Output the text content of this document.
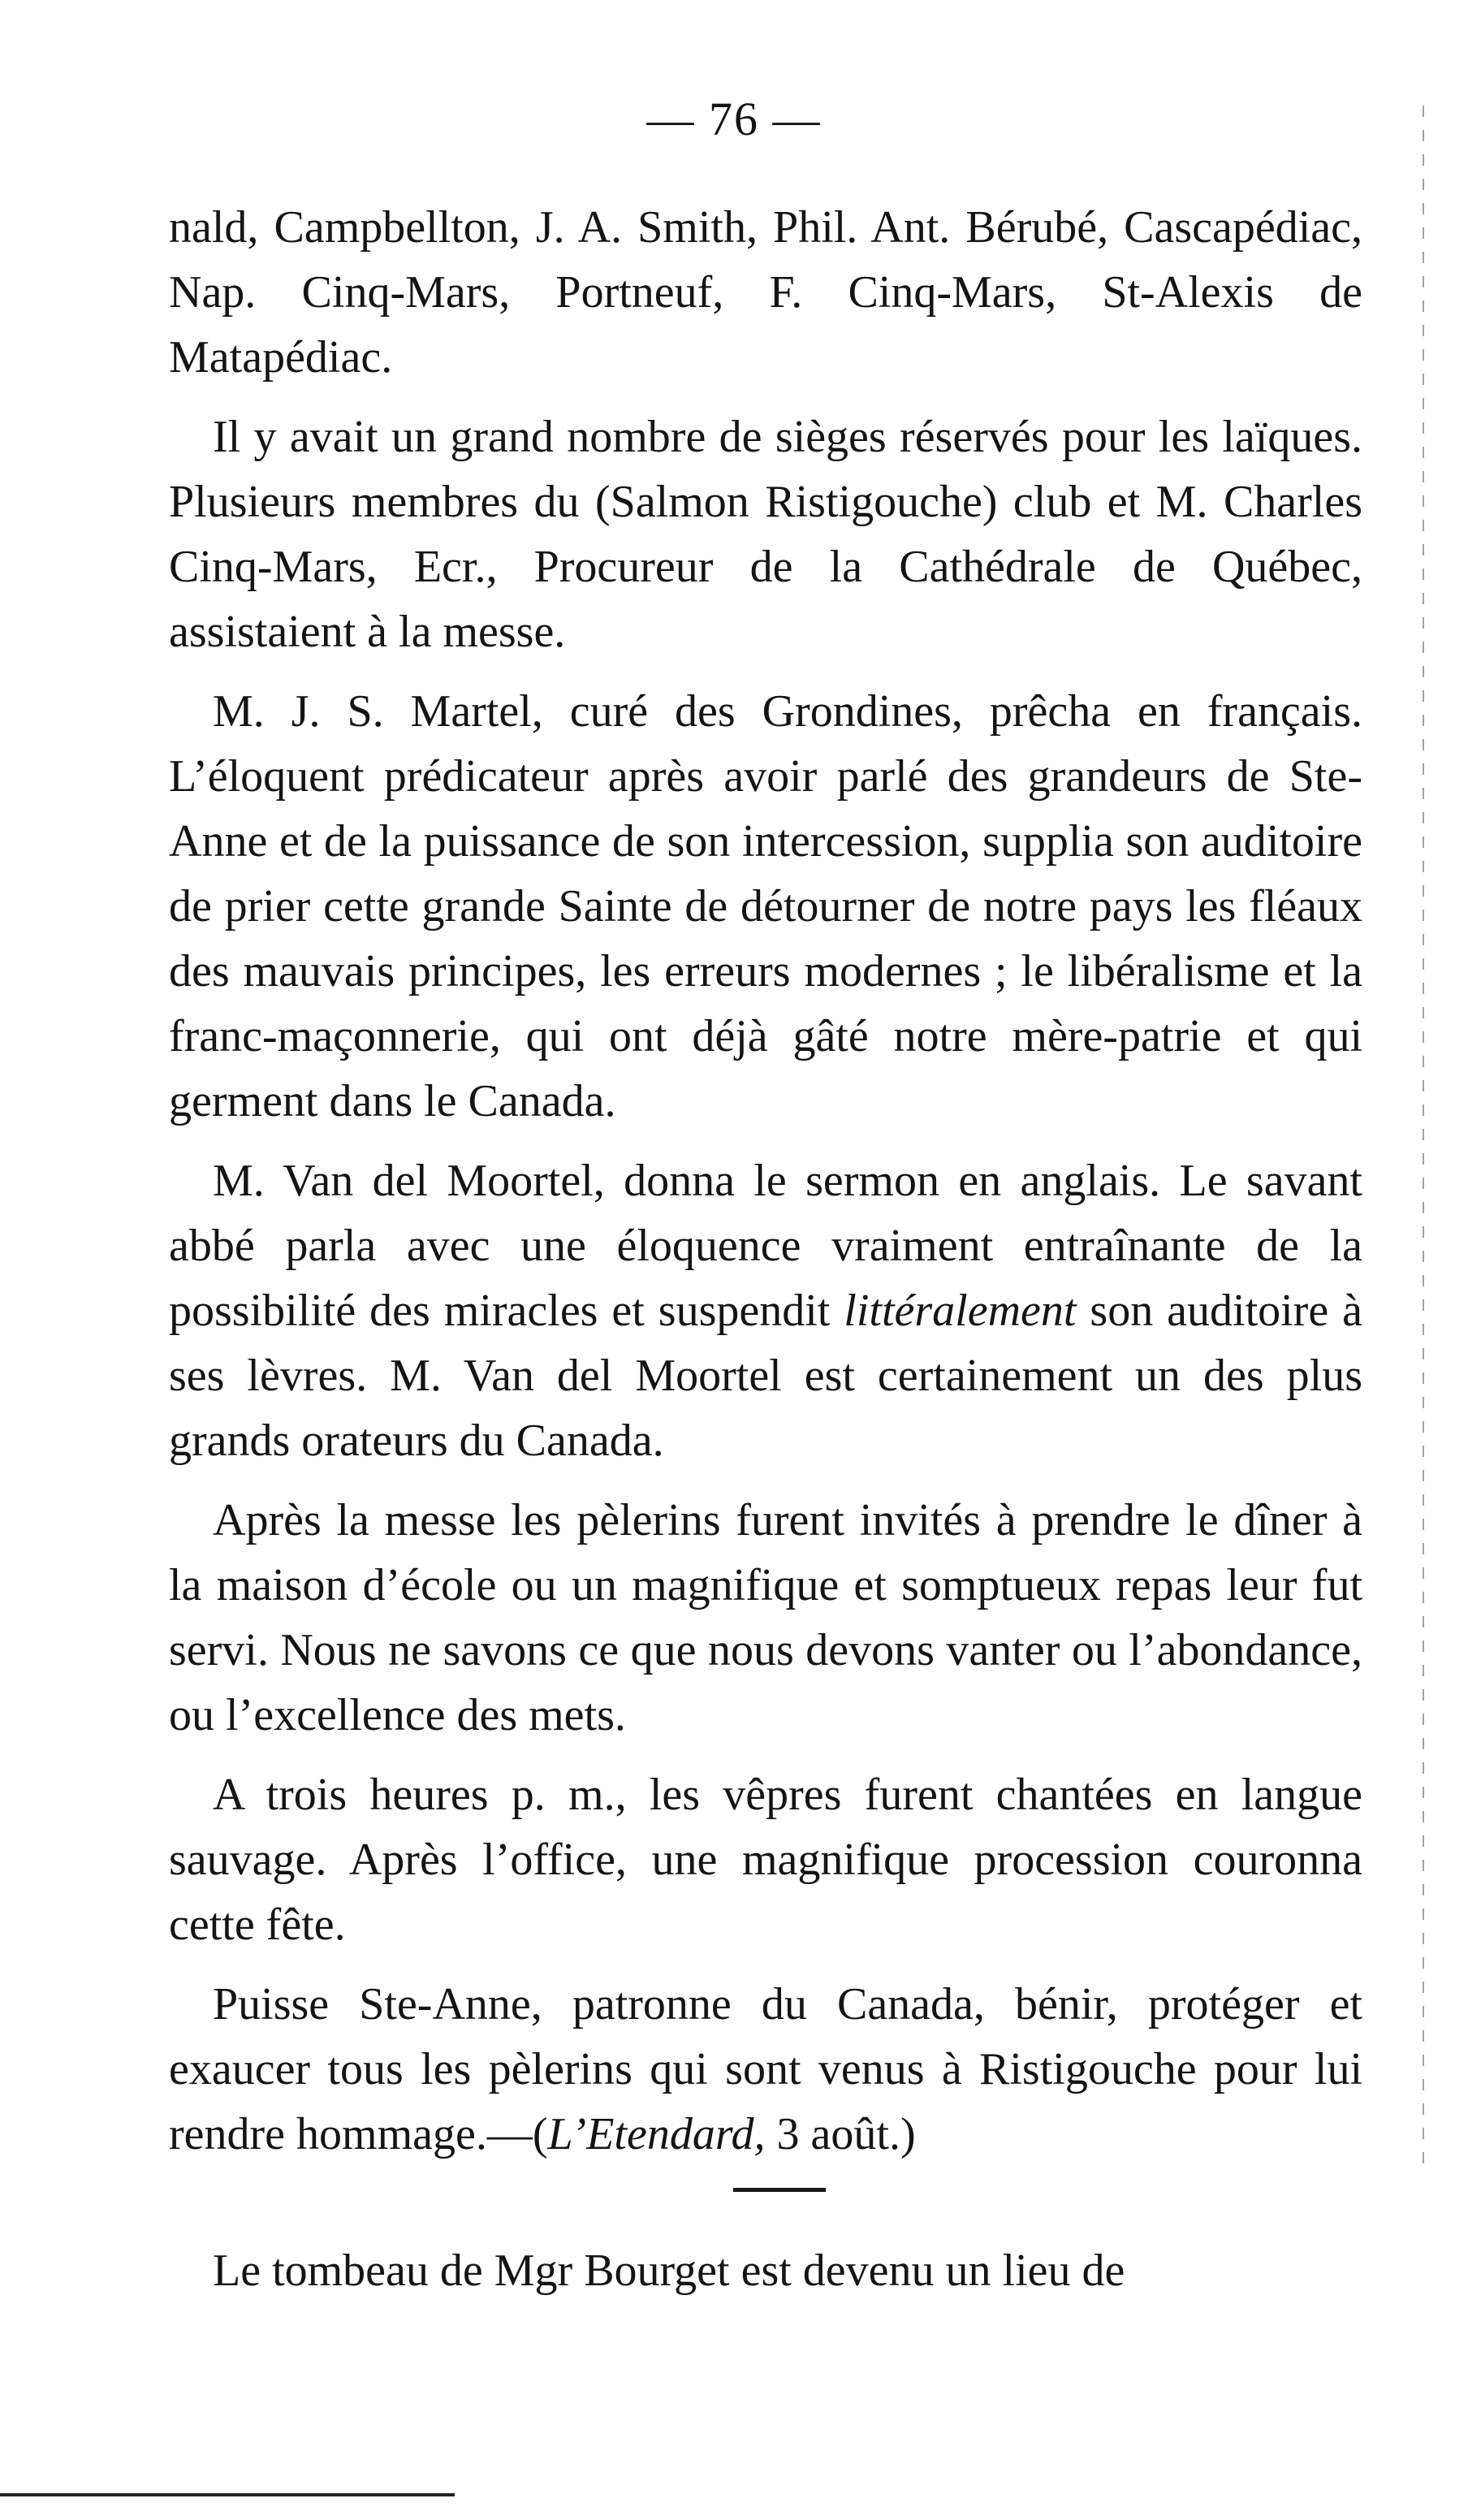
— 76 —

nald, Campbellton, J. A. Smith, Phil. Ant. Bérubé, Cascapédiac, Nap. Cinq-Mars, Portneuf, F. Cinq-Mars, St-Alexis de Matapédiac.

Il y avait un grand nombre de sièges réservés pour les laïques. Plusieurs membres du (Salmon Ristigouche) club et M. Charles Cinq-Mars, Ecr., Procureur de la Cathédrale de Québec, assistaient à la messe.

M. J. S. Martel, curé des Grondines, prêcha en français. L’éloquent prédicateur après avoir parlé des grandeurs de Ste-Anne et de la puissance de son intercession, supplia son auditoire de prier cette grande Sainte de détourner de notre pays les fléaux des mauvais principes, les erreurs modernes ; le libéralisme et la franc-maçonnerie, qui ont déjà gâté notre mère-patrie et qui germent dans le Canada.

M. Van del Moortel, donna le sermon en anglais. Le savant abbé parla avec une éloquence vraiment entraînante de la possibilité des miracles et suspendit littéralement son auditoire à ses lèvres. M. Van del Moortel est certainement un des plus grands orateurs du Canada.

Après la messe les pèlerins furent invités à prendre le dîner à la maison d’école ou un magnifique et somptueux repas leur fut servi. Nous ne savons ce que nous devons vanter ou l’abondance, ou l’excellence des mets.

A trois heures p. m., les vêpres furent chantées en langue sauvage. Après l’office, une magnifique procession couronna cette fête.

Puisse Ste-Anne, patronne du Canada, bénir, protéger et exaucer tous les pèlerins qui sont venus à Ristigouche pour lui rendre hommage.—(L’Etendard, 3 août.)

Le tombeau de Mgr Bourget est devenu un lieu de
